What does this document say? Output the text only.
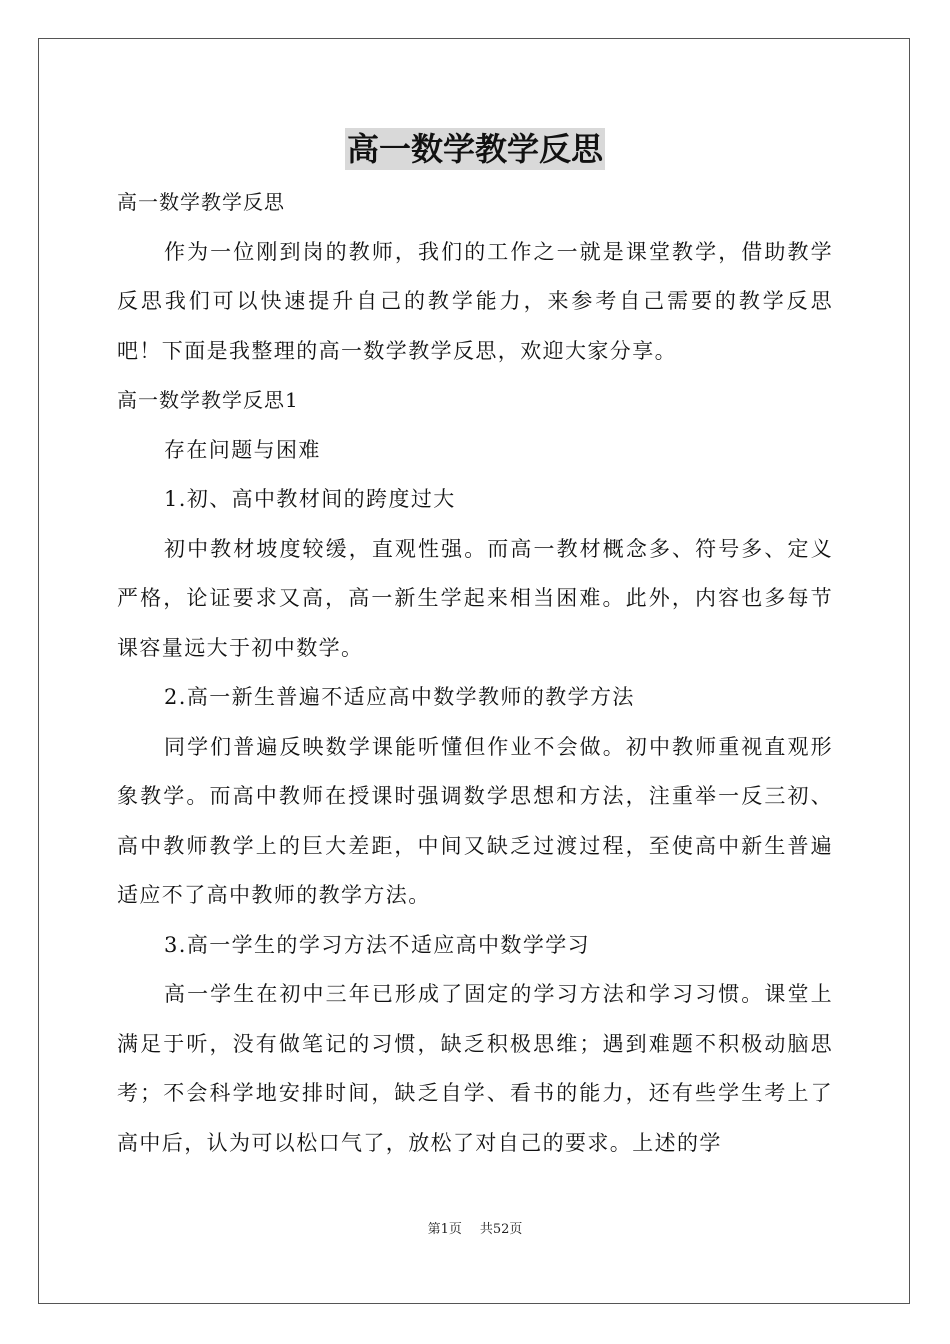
高一数学教学反思

高一数学教学反思

作为一位刚到岗的教师，我们的工作之一就是课堂教学，借助教学反思我们可以快速提升自己的教学能力，来参考自己需要的教学反思吧！下面是我整理的高一数学教学反思，欢迎大家分享。

高一数学教学反思1

存在问题与困难

1.初、高中教材间的跨度过大

初中教材坡度较缓，直观性强。而高一教材概念多、符号多、定义严格，论证要求又高，高一新生学起来相当困难。此外，内容也多每节课容量远大于初中数学。

2.高一新生普遍不适应高中数学教师的教学方法

同学们普遍反映数学课能听懂但作业不会做。初中教师重视直观形象教学。而高中教师在授课时强调数学思想和方法，注重举一反三初、高中教师教学上的巨大差距，中间又缺乏过渡过程，至使高中新生普遍适应不了高中教师的教学方法。

3.高一学生的学习方法不适应高中数学学习

高一学生在初中三年已形成了固定的学习方法和学习习惯。课堂上满足于听，没有做笔记的习惯，缺乏积极思维；遇到难题不积极动脑思考；不会科学地安排时间，缺乏自学、看书的能力，还有些学生考上了高中后，认为可以松口气了，放松了对自己的要求。上述的学

第1页 共52页
